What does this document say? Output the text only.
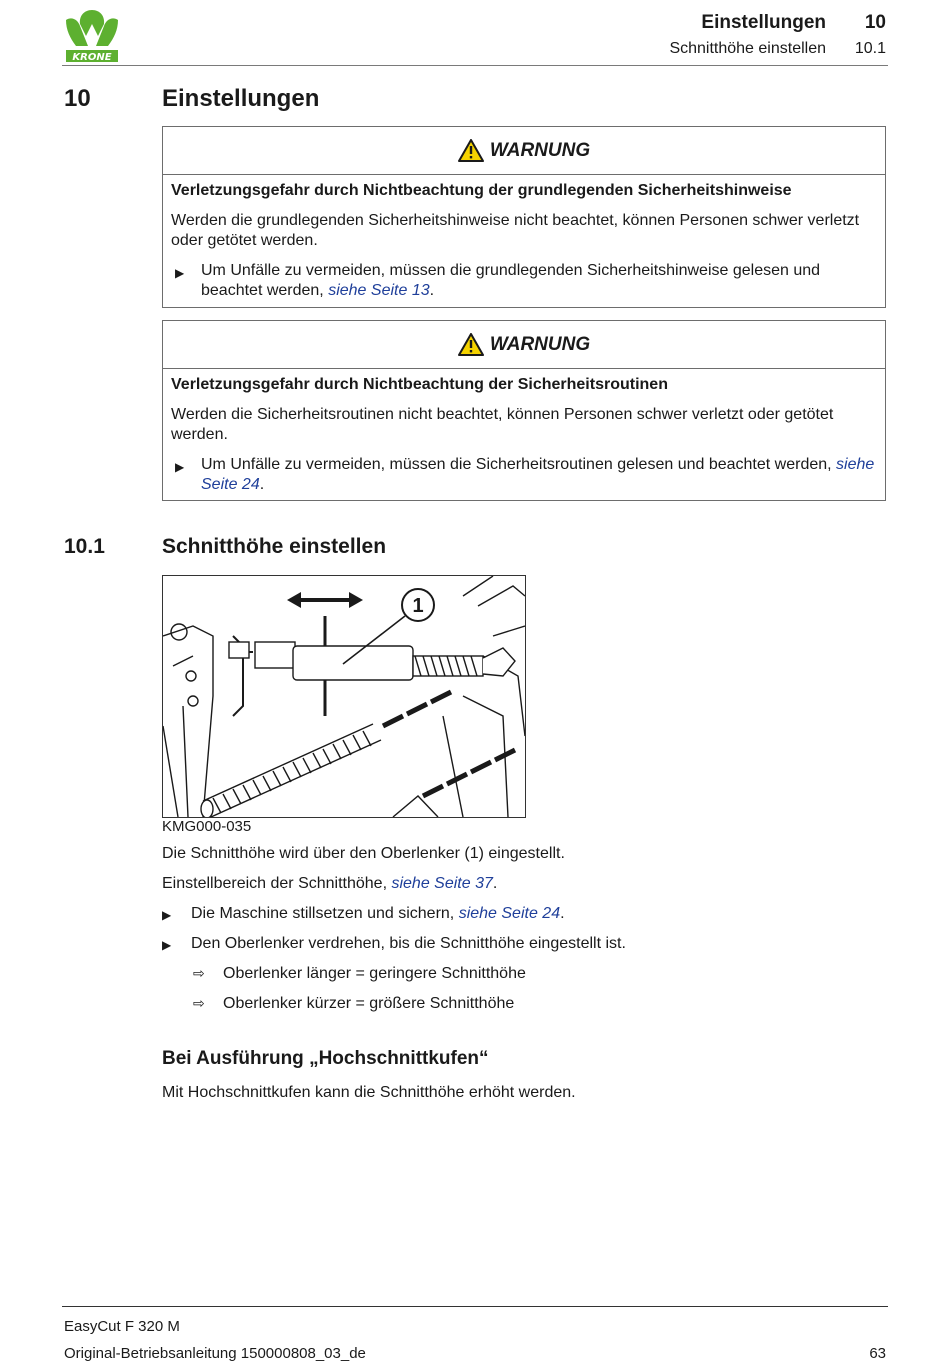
KRONE
Einstellungen 10
Schnitthöhe einstellen 10.1
10	Einstellungen
WARNUNG
Verletzungsgefahr durch Nichtbeachtung der grundlegenden Sicherheitshinweise
Werden die grundlegenden Sicherheitshinweise nicht beachtet, können Personen schwer verletzt oder getötet werden.
▶	Um Unfälle zu vermeiden, müssen die grundlegenden Sicherheitshinweise gelesen und beachtet werden, siehe Seite 13.
WARNUNG
Verletzungsgefahr durch Nichtbeachtung der Sicherheitsroutinen
Werden die Sicherheitsroutinen nicht beachtet, können Personen schwer verletzt oder getötet werden.
▶	Um Unfälle zu vermeiden, müssen die Sicherheitsroutinen gelesen und beachtet werden, siehe Seite 24.
10.1	Schnitthöhe einstellen
1
KMG000-035
Die Schnitthöhe wird über den Oberlenker (1) eingestellt.
Einstellbereich der Schnitthöhe, siehe Seite 37.
▶	Die Maschine stillsetzen und sichern, siehe Seite 24.
▶	Den Oberlenker verdrehen, bis die Schnitthöhe eingestellt ist.
⇨	Oberlenker länger = geringere Schnitthöhe
⇨	Oberlenker kürzer = größere Schnitthöhe
Bei Ausführung „Hochschnittkufen“
Mit Hochschnittkufen kann die Schnitthöhe erhöht werden.
EasyCut F 320 M
Original-Betriebsanleitung 150000808_03_de	63
